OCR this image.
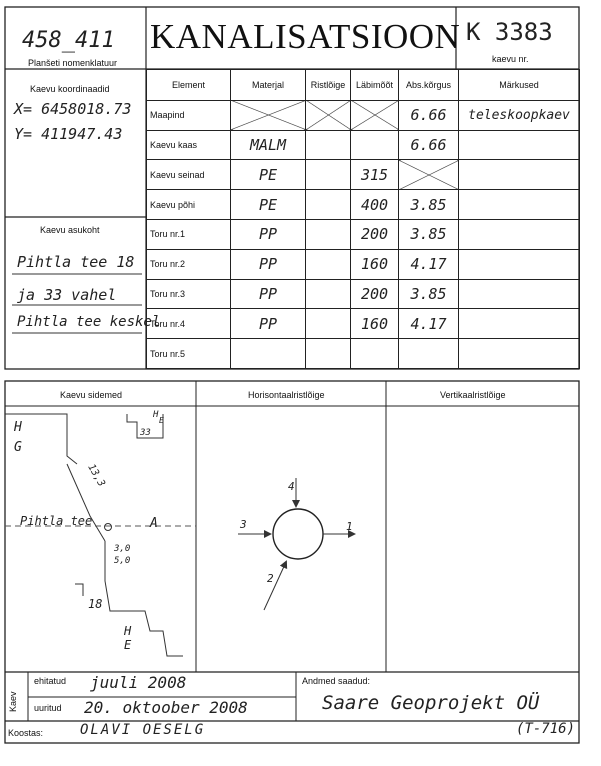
458_411
Planšeti nomenklatuur
KANALISATSIOON K 3383
kaevu nr.
Kaevu koordinaadid
X= 6458018.73
Y= 411947.43
Kaevu asukoht
Pihtla tee 18
ja 33 vahel
Pihtla tee keskel
Element	Materjal	Ristlõige	Läbimõõt	Abs.kõrgus	Märkused
Maapind				6.66	teleskoopkaev
Kaevu kaas	MALM			6.66	
Kaevu seinad	PE		315		
Kaevu põhi	PE		400	3.85	
Toru nr.1	PP		200	3.85	
Toru nr.2	PP		160	4.17	
Toru nr.3	PP		200	3.85	
Toru nr.4	PP		160	4.17	
Toru nr.5					
Kaevu sidemed	Horisontaalristlõige	Vertikaalristlõige
H
G
H
E
33
Pihtla tee	A
13,3
3,0
5,0
18
H
E
1
2
3
4
Kaev
ehitatud juuli 2008
uuritud 20. oktoober 2008
Andmed saadud:
Saare Geoprojekt OÜ
Koostas:	OLAVI OESELG	(T-716)
